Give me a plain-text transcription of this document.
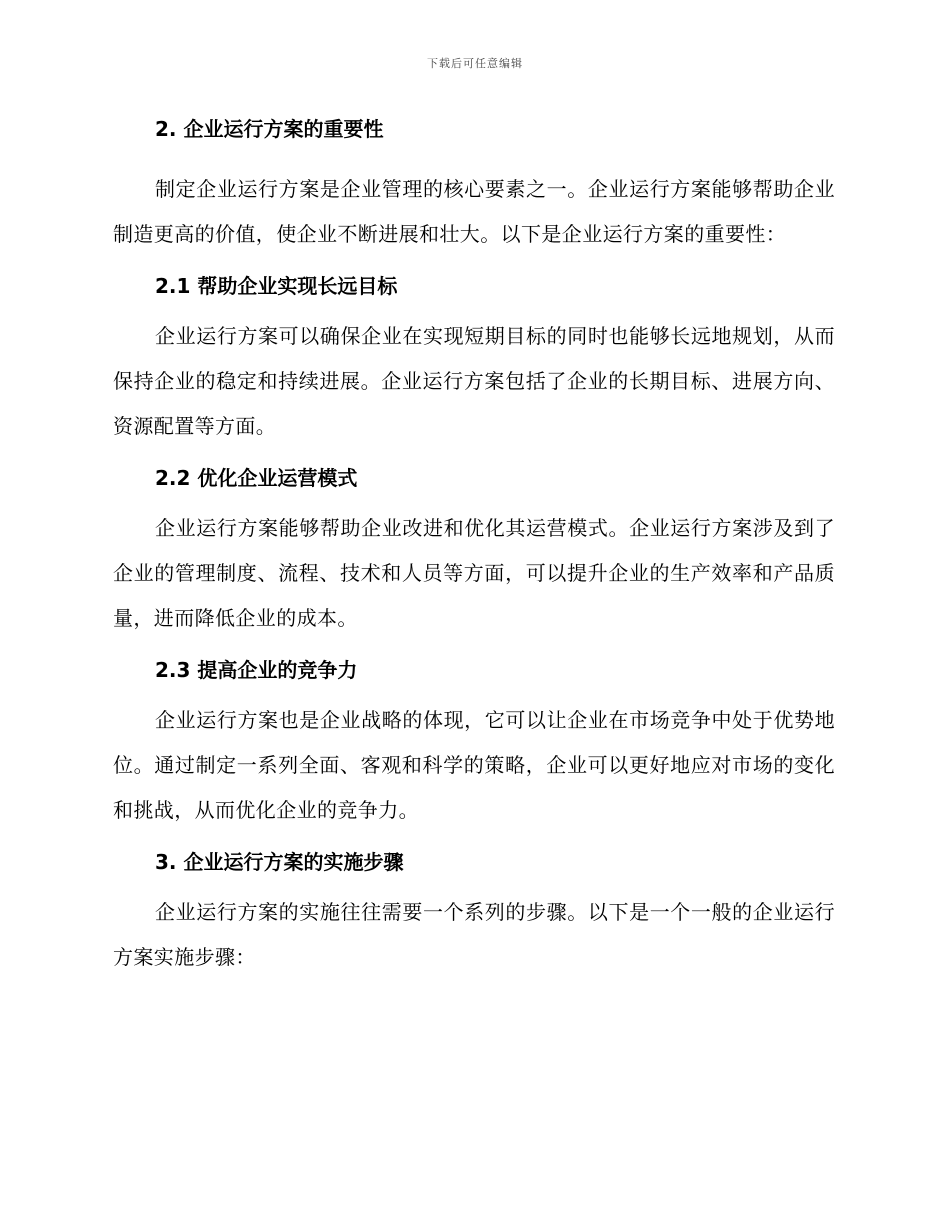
下载后可任意编辑

2. 企业运行方案的重要性

制定企业运行方案是企业管理的核心要素之一。企业运行方案能够帮助企业制造更高的价值，使企业不断进展和壮大。以下是企业运行方案的重要性：

2.1 帮助企业实现长远目标

企业运行方案可以确保企业在实现短期目标的同时也能够长远地规划，从而保持企业的稳定和持续进展。企业运行方案包括了企业的长期目标、进展方向、资源配置等方面。

2.2 优化企业运营模式

企业运行方案能够帮助企业改进和优化其运营模式。企业运行方案涉及到了企业的管理制度、流程、技术和人员等方面，可以提升企业的生产效率和产品质量，进而降低企业的成本。

2.3 提高企业的竞争力

企业运行方案也是企业战略的体现，它可以让企业在市场竞争中处于优势地位。通过制定一系列全面、客观和科学的策略，企业可以更好地应对市场的变化和挑战，从而优化企业的竞争力。

3. 企业运行方案的实施步骤

企业运行方案的实施往往需要一个系列的步骤。以下是一个一般的企业运行方案实施步骤：
